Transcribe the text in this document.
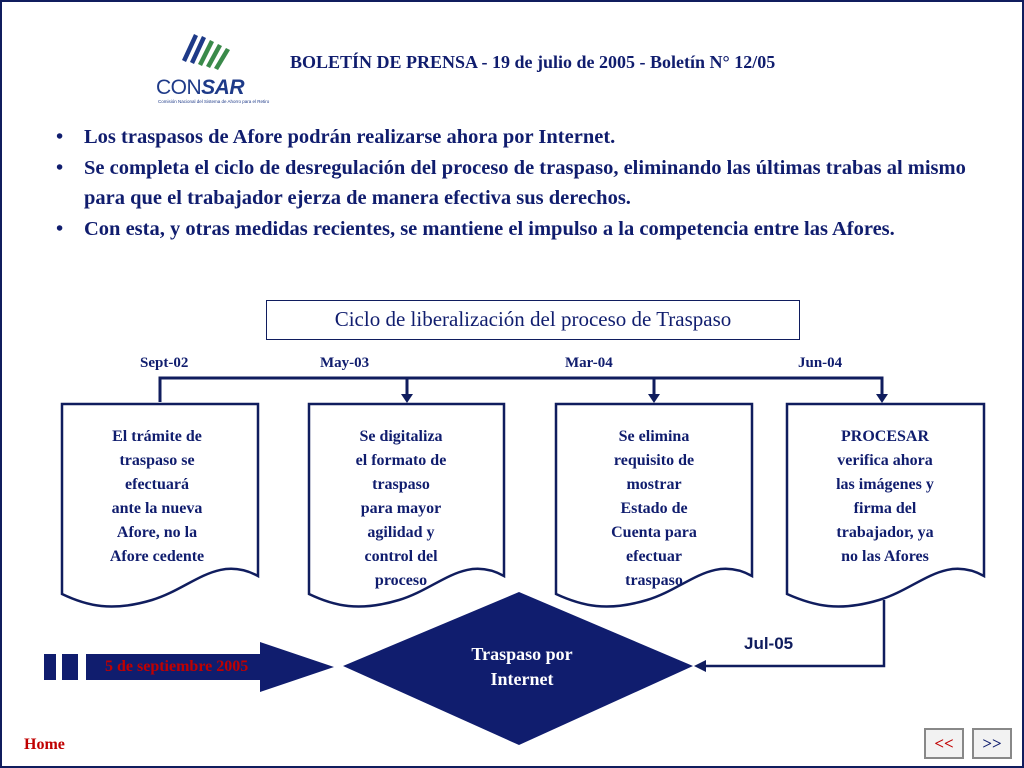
CONSAR
Comisión Nacional del Sistema de Ahorro para el Retiro
BOLETÍN DE PRENSA - 19 de julio de 2005 - Boletín N° 12/05
• Los traspasos de Afore podrán realizarse ahora por Internet.
• Se completa el ciclo de desregulación del proceso de traspaso, eliminando las últimas trabas al mismo para que el trabajador ejerza de manera efectiva sus derechos.
• Con esta, y otras medidas recientes, se mantiene el impulso a la competencia entre las Afores.
Ciclo de liberalización del proceso de Traspaso
Sept-02	May-03	Mar-04	Jun-04
El trámite de
traspaso se
efectuará
ante la nueva
Afore, no la
Afore cedente
Se digitaliza
el formato de
traspaso
para mayor
agilidad y
control del
proceso
Se elimina
requisito de
mostrar
Estado de
Cuenta para
efectuar
traspaso
PROCESAR
verifica ahora
las imágenes y
firma del
trabajador, ya
no las Afores
Traspaso por
Internet
Jul-05
5 de septiembre 2005
Home	<<	>>
